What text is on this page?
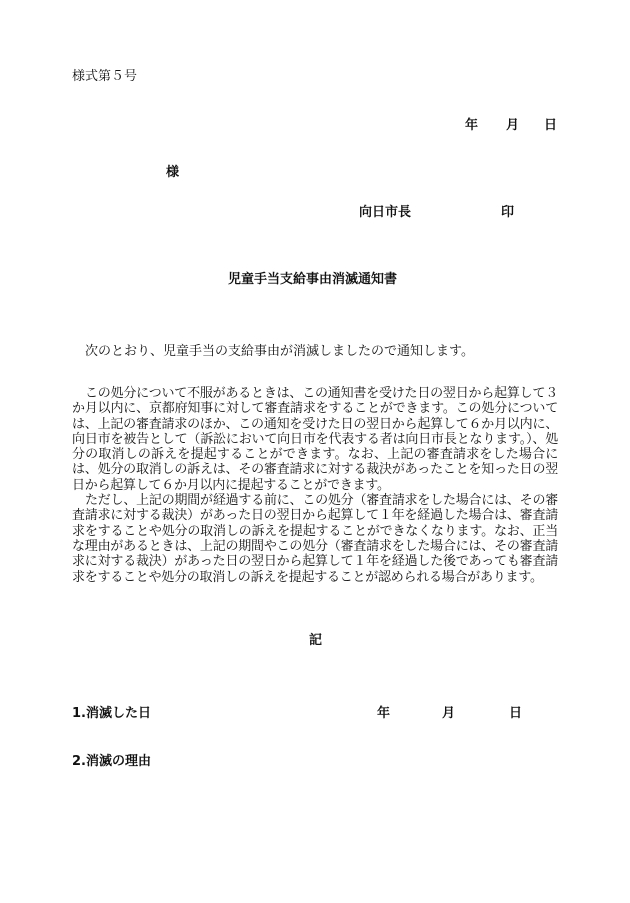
様式第５号
年 月 日
様
向日市長	印
児童手当支給事由消滅通知書
次のとおり、児童手当の支給事由が消滅しましたので通知します。

この処分について不服があるときは、この通知書を受けた日の翌日から起算して３か月以内に、京都府知事に対して審査請求をすることができます。この処分については、上記の審査請求のほか、この通知を受けた日の翌日から起算して６か月以内に、向日市を被告として（訴訟において向日市を代表する者は向日市長となります。）、処分の取消しの訴えを提起することができます。なお、上記の審査請求をした場合には、処分の取消しの訴えは、その審査請求に対する裁決があったことを知った日の翌日から起算して６か月以内に提起することができます。

ただし、上記の期間が経過する前に、この処分（審査請求をした場合には、その審査請求に対する裁決）があった日の翌日から起算して１年を経過した場合は、審査請求をすることや処分の取消しの訴えを提起することができなくなります。なお、正当な理由があるときは、上記の期間やこの処分（審査請求をした場合には、その審査請求に対する裁決）があった日の翌日から起算して１年を経過した後であっても審査請求をすることや処分の取消しの訴えを提起することが認められる場合があります。

記
1.消滅した日	年	月	日
2.消滅の理由
